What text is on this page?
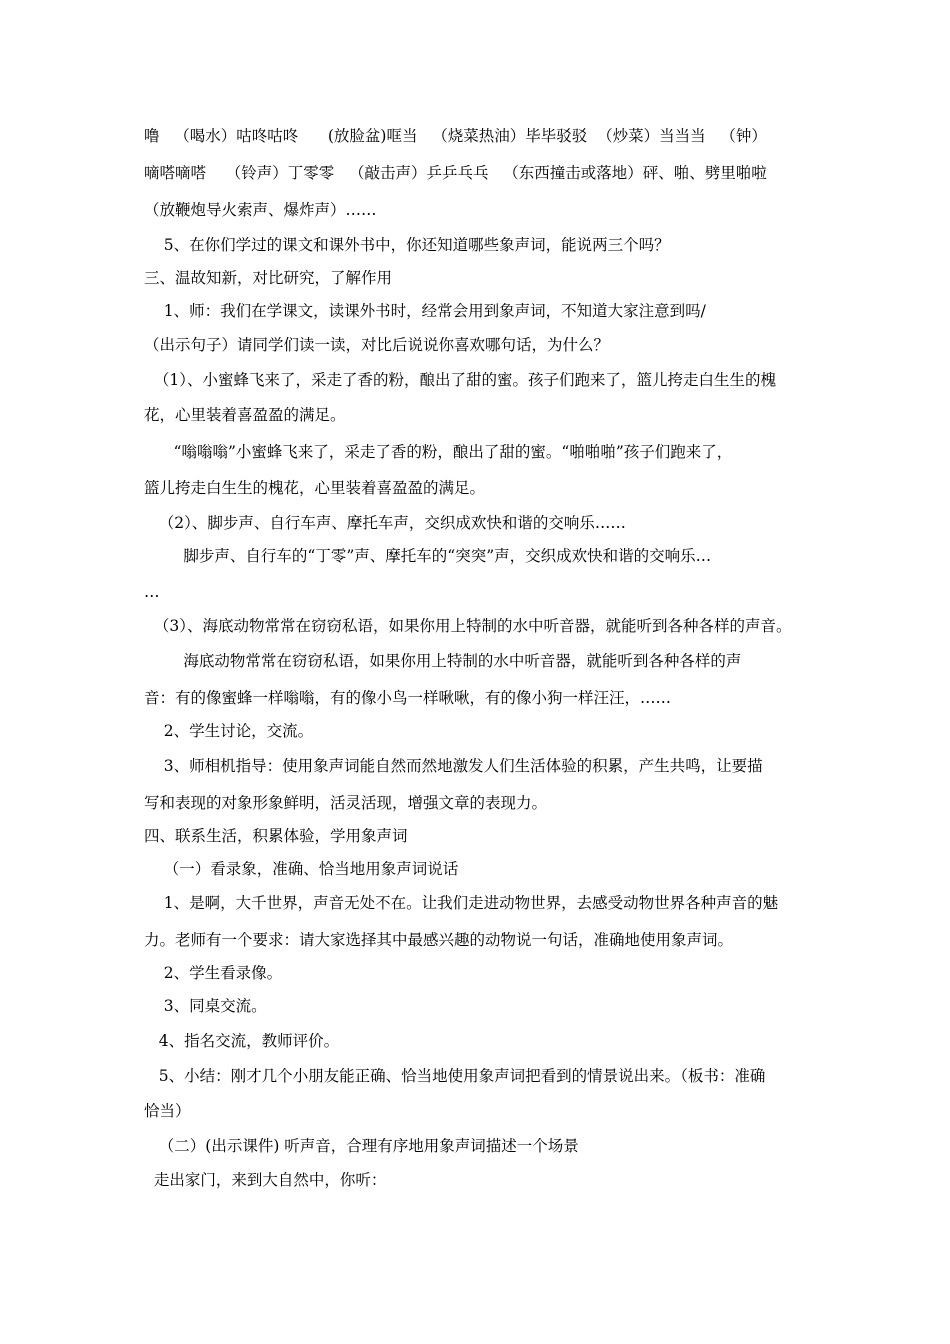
噜   （喝水）咕咚咕咚      (放脸盆)哐当   （烧菜热油）毕毕驳驳  （炒菜）当当当   （钟）
嘀嗒嘀嗒    （铃声）丁零零   （敲击声）乒乒乓乓   （东西撞击或落地）砰、啪、劈里啪啦
（放鞭炮导火索声、爆炸声）……
5、在你们学过的课文和课外书中，你还知道哪些象声词，能说两三个吗？
三、温故知新，对比研究，了解作用
1、师：我们在学课文，读课外书时，经常会用到象声词，不知道大家注意到吗/
（出示句子）请同学们读一读，对比后说说你喜欢哪句话，为什么？
（1）、小蜜蜂飞来了，采走了香的粉，酿出了甜的蜜。孩子们跑来了，篮儿挎走白生生的槐
花，心里装着喜盈盈的满足。
“嗡嗡嗡”小蜜蜂飞来了，采走了香的粉，酿出了甜的蜜。“啪啪啪”孩子们跑来了，
篮儿挎走白生生的槐花，心里装着喜盈盈的满足。
（2）、脚步声、自行车声、摩托车声，交织成欢快和谐的交响乐……
脚步声、自行车的“丁零”声、摩托车的“突突”声，交织成欢快和谐的交响乐…
…
（3）、海底动物常常在窃窃私语，如果你用上特制的水中听音器，就能听到各种各样的声音。
海底动物常常在窃窃私语，如果你用上特制的水中听音器，就能听到各种各样的声
音：有的像蜜蜂一样嗡嗡，有的像小鸟一样啾啾，有的像小狗一样汪汪，……
2、学生讨论，交流。
3、师相机指导：使用象声词能自然而然地激发人们生活体验的积累，产生共鸣，让要描
写和表现的对象形象鲜明，活灵活现，增强文章的表现力。
四、联系生活，积累体验，学用象声词
（一）看录象，准确、恰当地用象声词说话
1、是啊，大千世界，声音无处不在。让我们走进动物世界，去感受动物世界各种声音的魅
力。老师有一个要求：请大家选择其中最感兴趣的动物说一句话，准确地使用象声词。
2、学生看录像。
3、同桌交流。
4、指名交流，教师评价。
5、小结：刚才几个小朋友能正确、恰当地使用象声词把看到的情景说出来。（板书：准确
恰当）
（二）(出示课件) 听声音，合理有序地用象声词描述一个场景
走出家门，来到大自然中，你听：
